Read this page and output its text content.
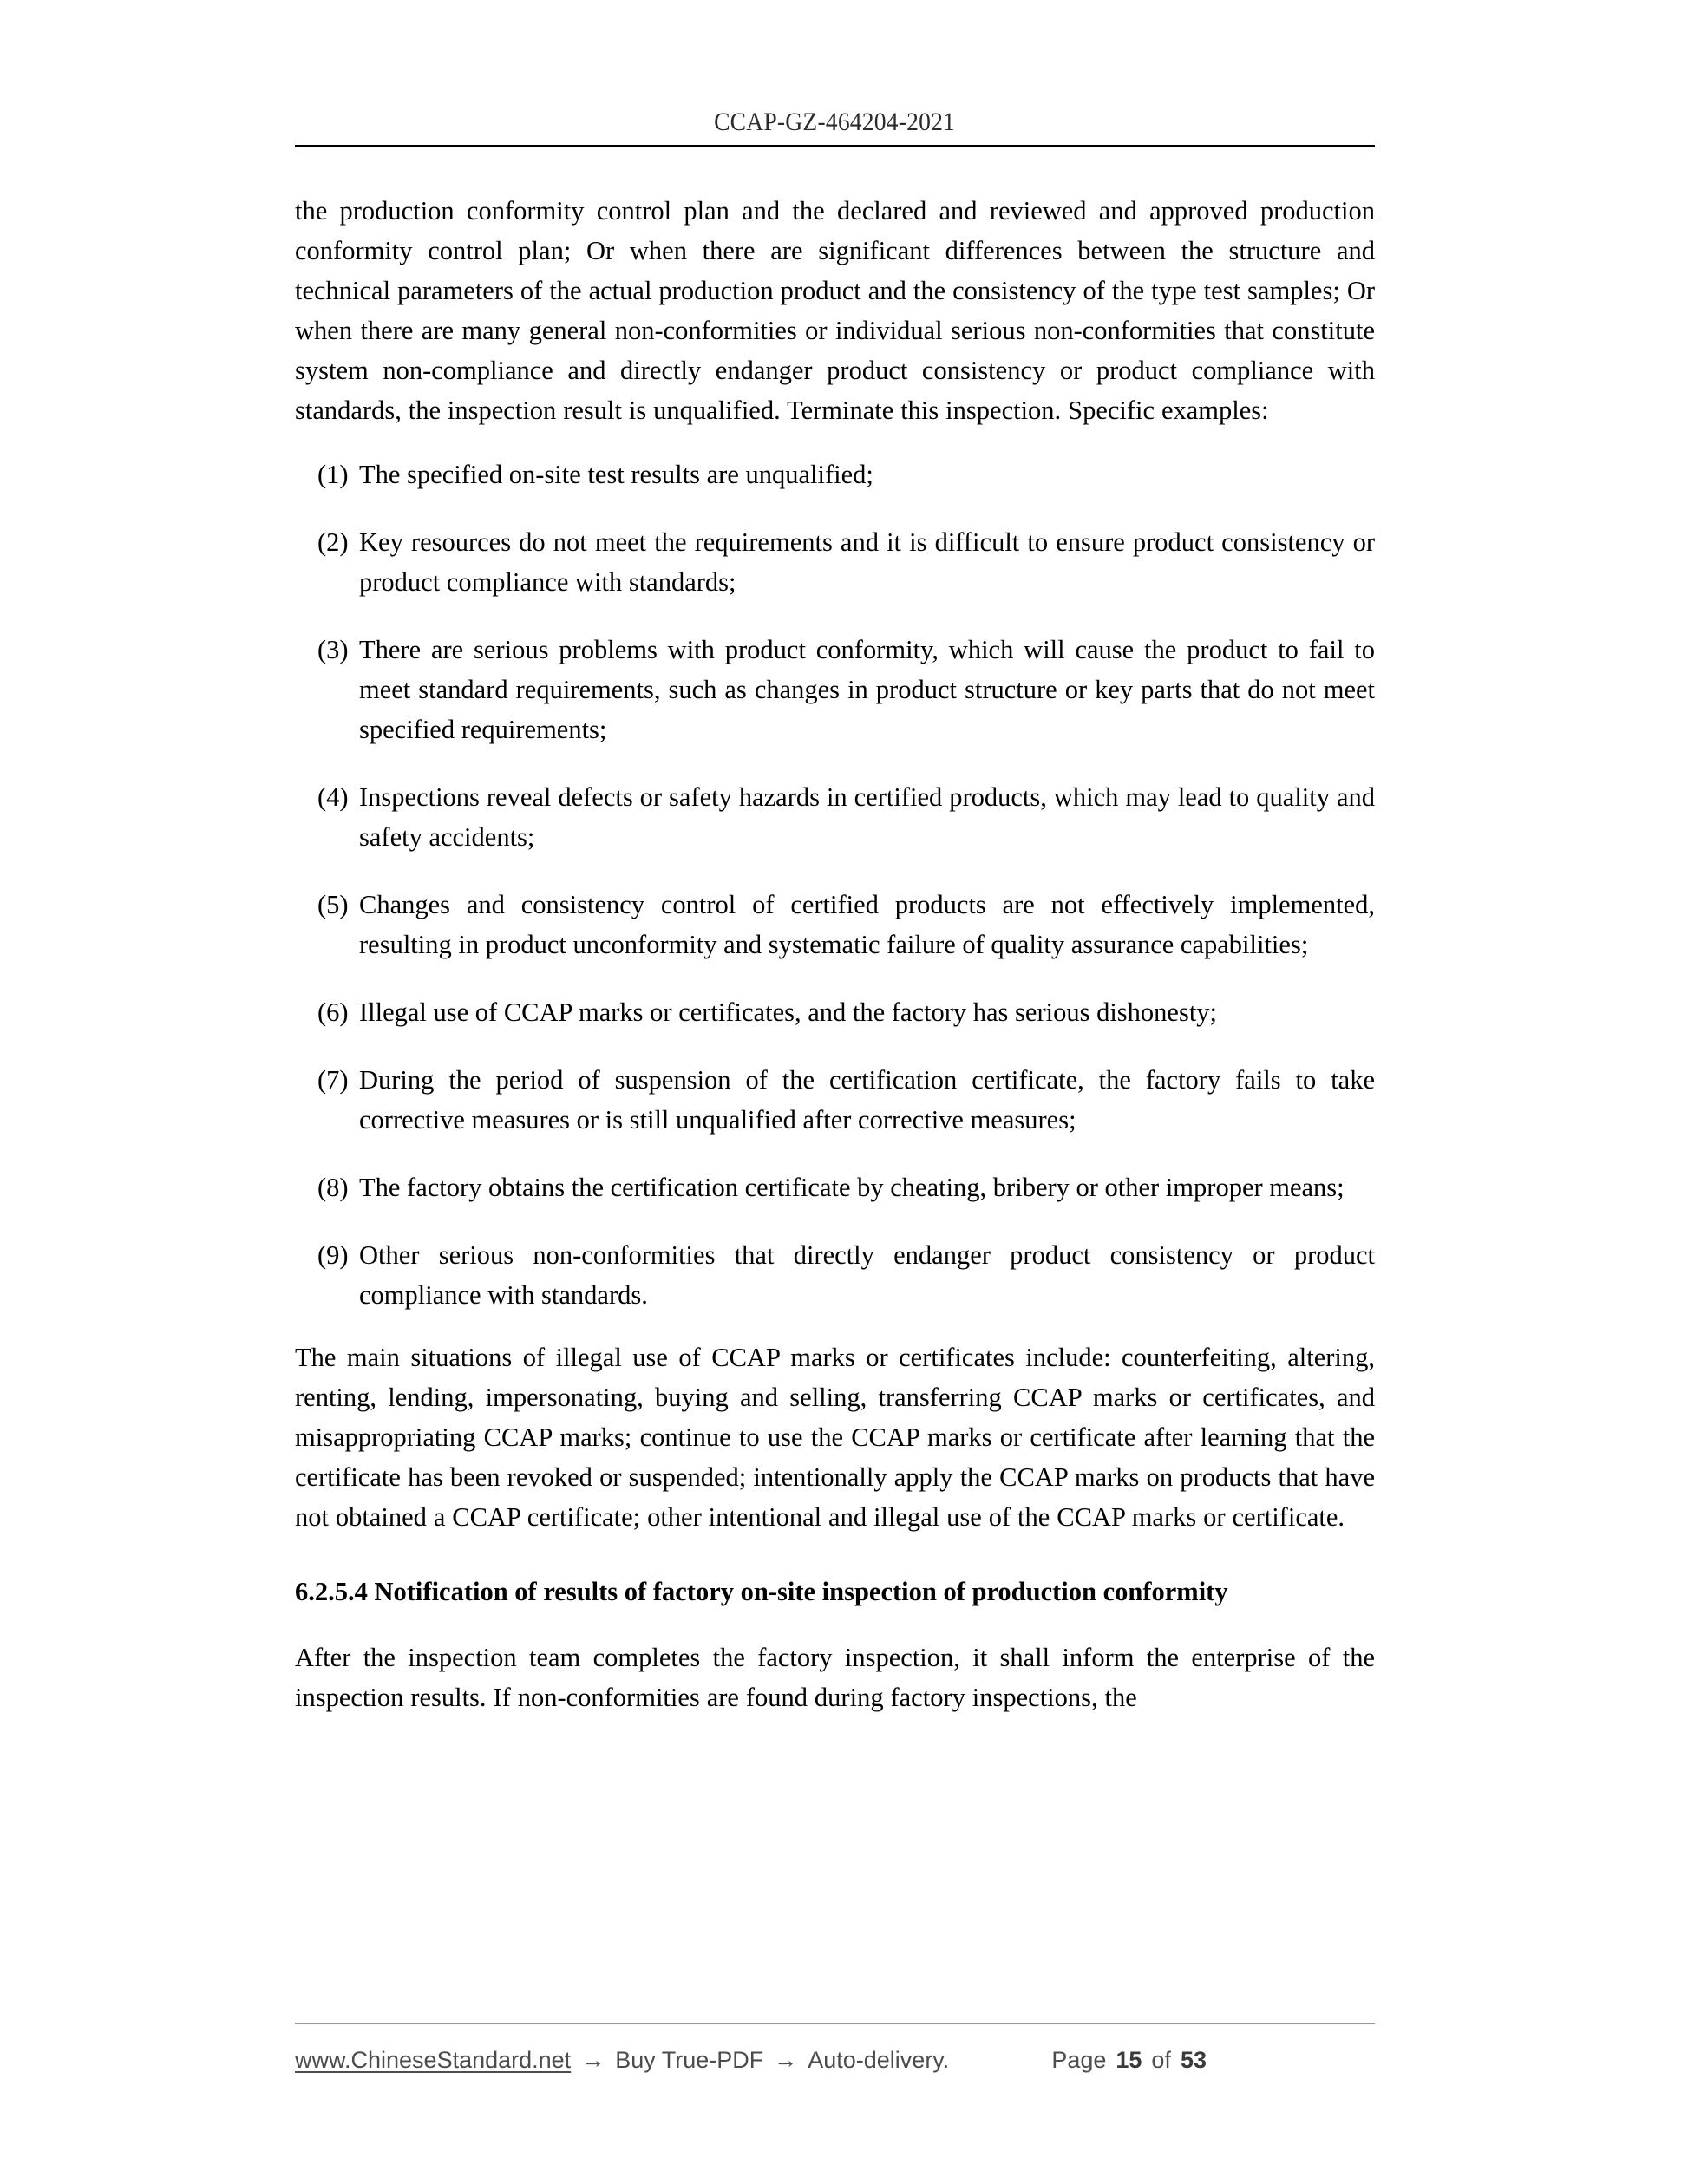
CCAP-GZ-464204-2021

the production conformity control plan and the declared and reviewed and approved production conformity control plan; Or when there are significant differences between the structure and technical parameters of the actual production product and the consistency of the type test samples; Or when there are many general non-conformities or individual serious non-conformities that constitute system non-compliance and directly endanger product consistency or product compliance with standards, the inspection result is unqualified. Terminate this inspection. Specific examples:

(1) The specified on-site test results are unqualified;
(2) Key resources do not meet the requirements and it is difficult to ensure product consistency or product compliance with standards;
(3) There are serious problems with product conformity, which will cause the product to fail to meet standard requirements, such as changes in product structure or key parts that do not meet specified requirements;
(4) Inspections reveal defects or safety hazards in certified products, which may lead to quality and safety accidents;
(5) Changes and consistency control of certified products are not effectively implemented, resulting in product unconformity and systematic failure of quality assurance capabilities;
(6) Illegal use of CCAP marks or certificates, and the factory has serious dishonesty;
(7) During the period of suspension of the certification certificate, the factory fails to take corrective measures or is still unqualified after corrective measures;
(8) The factory obtains the certification certificate by cheating, bribery or other improper means;
(9) Other serious non-conformities that directly endanger product consistency or product compliance with standards.

The main situations of illegal use of CCAP marks or certificates include: counterfeiting, altering, renting, lending, impersonating, buying and selling, transferring CCAP marks or certificates, and misappropriating CCAP marks; continue to use the CCAP marks or certificate after learning that the certificate has been revoked or suspended; intentionally apply the CCAP marks on products that have not obtained a CCAP certificate; other intentional and illegal use of the CCAP marks or certificate.

6.2.5.4 Notification of results of factory on-site inspection of production conformity

After the inspection team completes the factory inspection, it shall inform the enterprise of the inspection results. If non-conformities are found during factory inspections, the

www.ChineseStandard.net → Buy True-PDF → Auto-delivery.	Page 15 of 53
